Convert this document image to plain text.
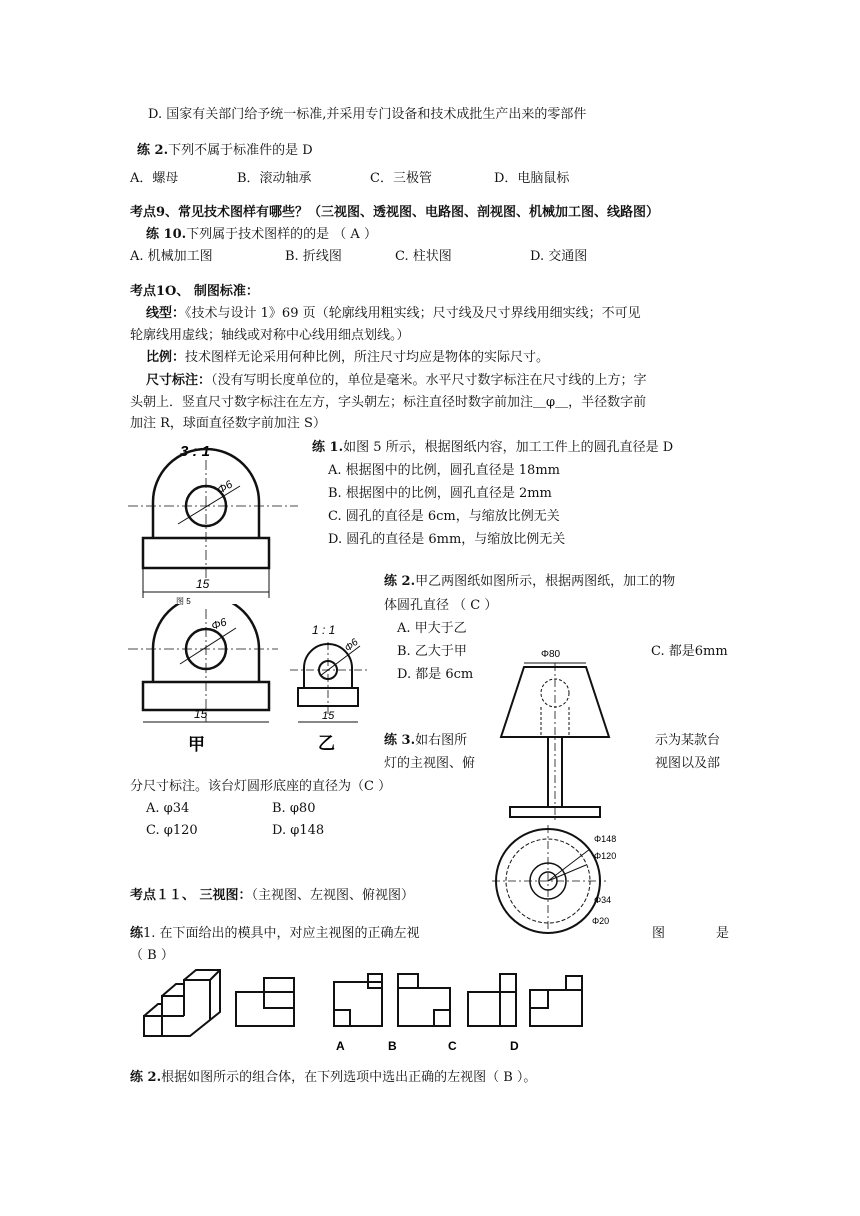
D. 国家有关部门给予统一标准,并采用专门设备和技术成批生产出来的零部件
练 2.下列不属于标准件的是 D
A．螺母	B．滚动轴承	C．三极管	D．电脑鼠标
考点9、常见技术图样有哪些？（三视图、透视图、电路图、剖视图、机械加工图、线路图）
练 10.下列属于技术图样的的是 （ A ）
A. 机械加工图	B. 折线图	C. 柱状图	D. 交通图
考点1O、 制图标准：
线型：《技术与设计 1》69 页（轮廓线用粗实线；尺寸线及尺寸界线用细实线；不可见
轮廓线用虚线；轴线或对称中心线用细点划线。）
比例：技术图样无论采用何种比例，所注尺寸均应是物体的实际尺寸。
尺寸标注：（没有写明长度单位的，单位是毫米。水平尺寸数字标注在尺寸线的上方；字
头朝上．竖直尺寸数字标注在左方，字头朝左；标注直径时数字前加注＿φ＿，半径数字前
加注 R，球面直径数字前加注 S）
练 1.如图 5 所示，根据图纸内容，加工工件上的圆孔直径是 D
A. 根据图中的比例，圆孔直径是 18mm
B. 根据图中的比例，圆孔直径是 2mm
C. 圆孔的直径是 6cm，与缩放比例无关
D. 圆孔的直径是 6mm，与缩放比例无关
练 2.甲乙两图纸如图所示，根据两图纸，加工的物
体圆孔直径 （ C ）
A. 甲大于乙
B. 乙大于甲	C. 都是6mm
D. 都是 6cm
练 3.如右图所	示为某款台
灯的主视图、俯	视图以及部
分尺寸标注。该台灯圆形底座的直径为（C ）
A. φ34	B. φ80
C. φ120	D. φ148
考点１１、 三视图：（主视图、左视图、俯视图）
练1. 在下面给出的模具中，对应主视图的正确左视	图	是
（ B ）
练 2.根据如图所示的组合体，在下列选项中选出正确的左视图（ B ）。
3 : 1
Φ6
15
图 5
Φ6
15
甲
1 : 1
Φ6
15
乙
Φ80
Φ148
Φ120
Φ34
Φ20
A	B	C	D
